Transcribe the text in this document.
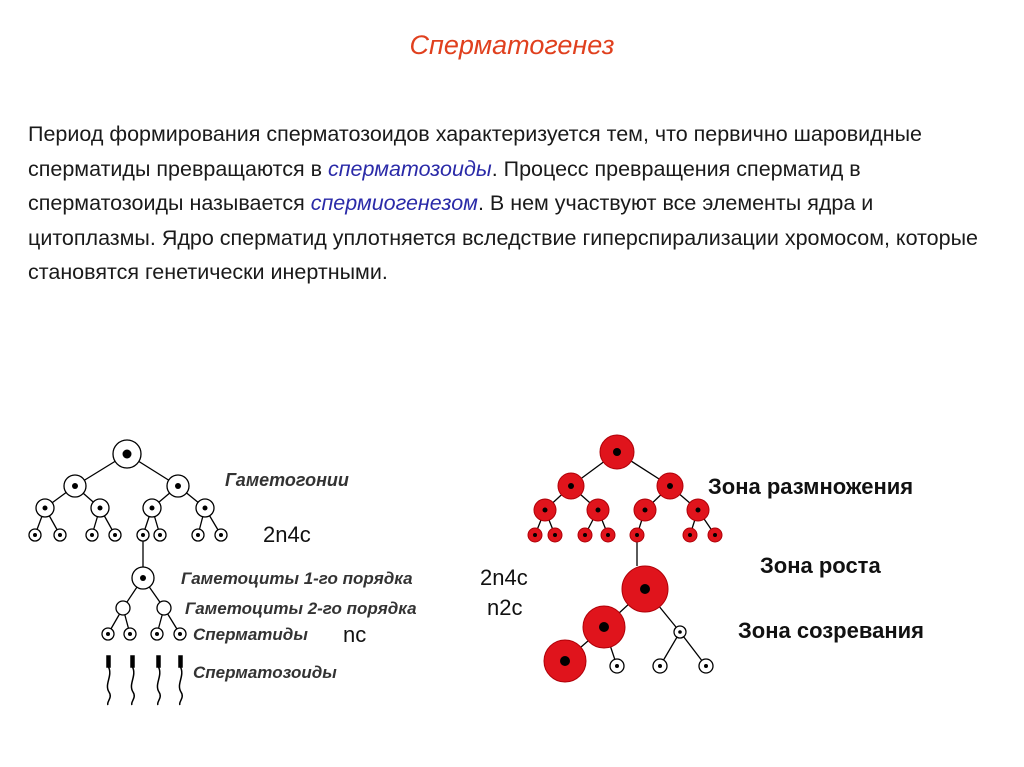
Сперматогенез
Период формирования сперматозоидов характеризуется тем, что первично шаровидные сперматиды превращаются в сперматозоиды. Процесс превращения сперматид в сперматозоиды называется спермиогенезом. В нем участвуют все элементы ядра и цитоплазмы. Ядро сперматид уплотняется вследствие гиперспирализации хромосом, которые становятся генетически инертными.
Гаметогонии
2n4c
Гаметоциты 1-го порядка	2n4c
Гаметоциты 2-го порядка	n2c
Сперматиды nc
Сперматозоиды
Зона размножения
Зона роста
Зона созревания
